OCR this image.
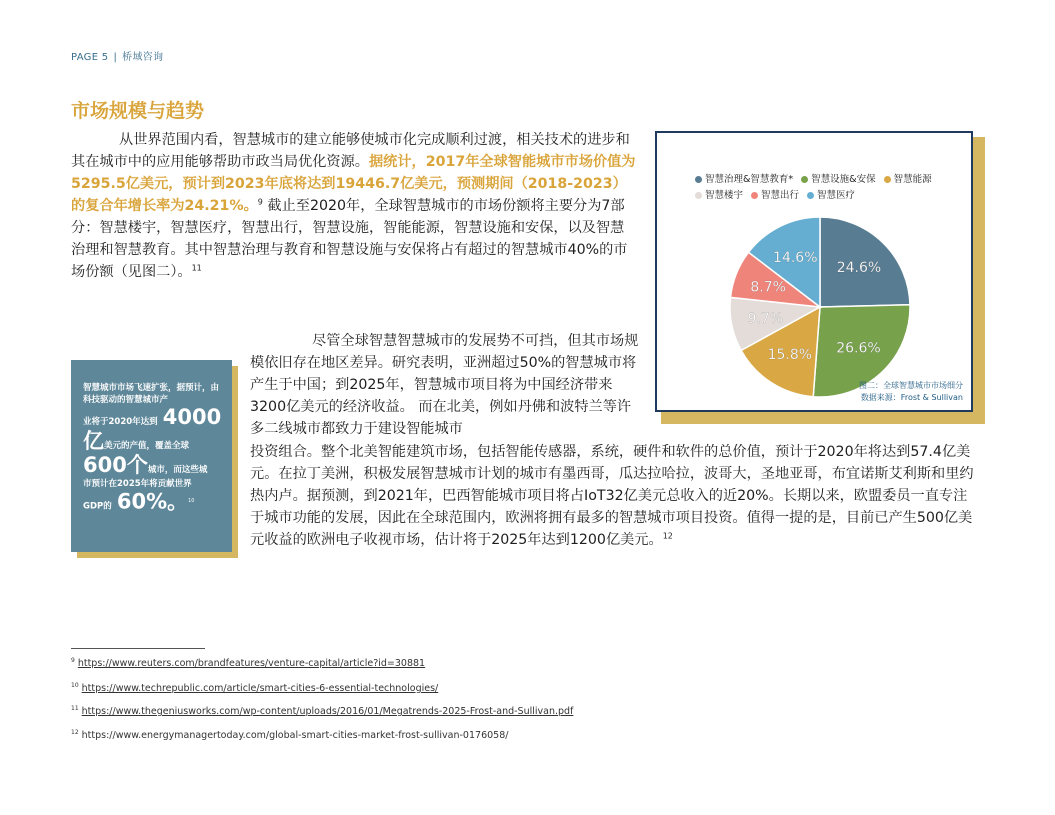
PAGE 5 | 桥域咨询
市场规模与趋势

从世界范围内看，智慧城市的建立能够使城市化完成顺利过渡，相关技术的进步和其在城市中的应用能够帮助市政当局优化资源。据统计，2017年全球智能城市市场价值为5295.5亿美元，预计到2023年底将达到19446.7亿美元，预测期间（2018-2023）的复合年增长率为24.21%。$^9$ 截止至2020年，全球智慧城市的市场份额将主要分为7部分：智慧楼宇，智慧医疗，智慧出行，智慧设施，智能能源，智慧设施和安保，以及智慧治理和智慧教育。其中智慧治理与教育和智慧设施与安保将占有超过的智慧城市40%的市场份额（见图二）。$^{11}$

智慧治理&智慧教育* 智慧设施&安保 智慧能源智慧楼宇 智慧出行 智慧医疗
24.6%
26.6%
15.8%
9.7%
8.7%
14.6%
图二：全球智慧城市市场细分
数据来源：Frost & Sullivan
智慧城市市场飞速扩张，据预计，由科技驱动的智慧城市产

业将于2020年达到 4000

亿美元的产值，覆盖全球

600个城市，而这些城

市预计在2025年将贡献世界

GDP的 60%。$^{10}$

尽管全球智慧智慧城市的发展势不可挡，但其市场规模依旧存在地区差异。研究表明，亚洲超过50%的智慧城市将产生于中国；到2025年，智慧城市项目将为中国经济带来3200亿美元的经济收益。 而在北美，例如丹佛和波特兰等许多二线城市都致力于建设智能城市

投资组合。整个北美智能建筑市场，包括智能传感器，系统，硬件和软件的总价值，预计于2020年将达到57.4亿美元。在拉丁美洲，积极发展智慧城市计划的城市有墨西哥，瓜达拉哈拉，波哥大，圣地亚哥，布宜诺斯艾利斯和里约热内卢。据预测，到2021年，巴西智能城市项目将占IoT32亿美元总收入的近20%。长期以来，欧盟委员一直专注于城市功能的发展，因此在全球范围内，欧洲将拥有最多的智慧城市项目投资。值得一提的是，目前已产生500亿美元收益的欧洲电子收视市场，估计将于2025年达到1200亿美元。$^{12}$

$^9$ https://www.reuters.com/brandfeatures/venture-capital/article?id=30881
$^{10}$ https://www.techrepublic.com/article/smart-cities-6-essential-technologies/
$^{11}$ https://www.thegeniusworks.com/wp-content/uploads/2016/01/Megatrends-2025-Frost-and-Sullivan.pdf
$^{12}$ https://www.energymanagertoday.com/global-smart-cities-market-frost-sullivan-0176058/
